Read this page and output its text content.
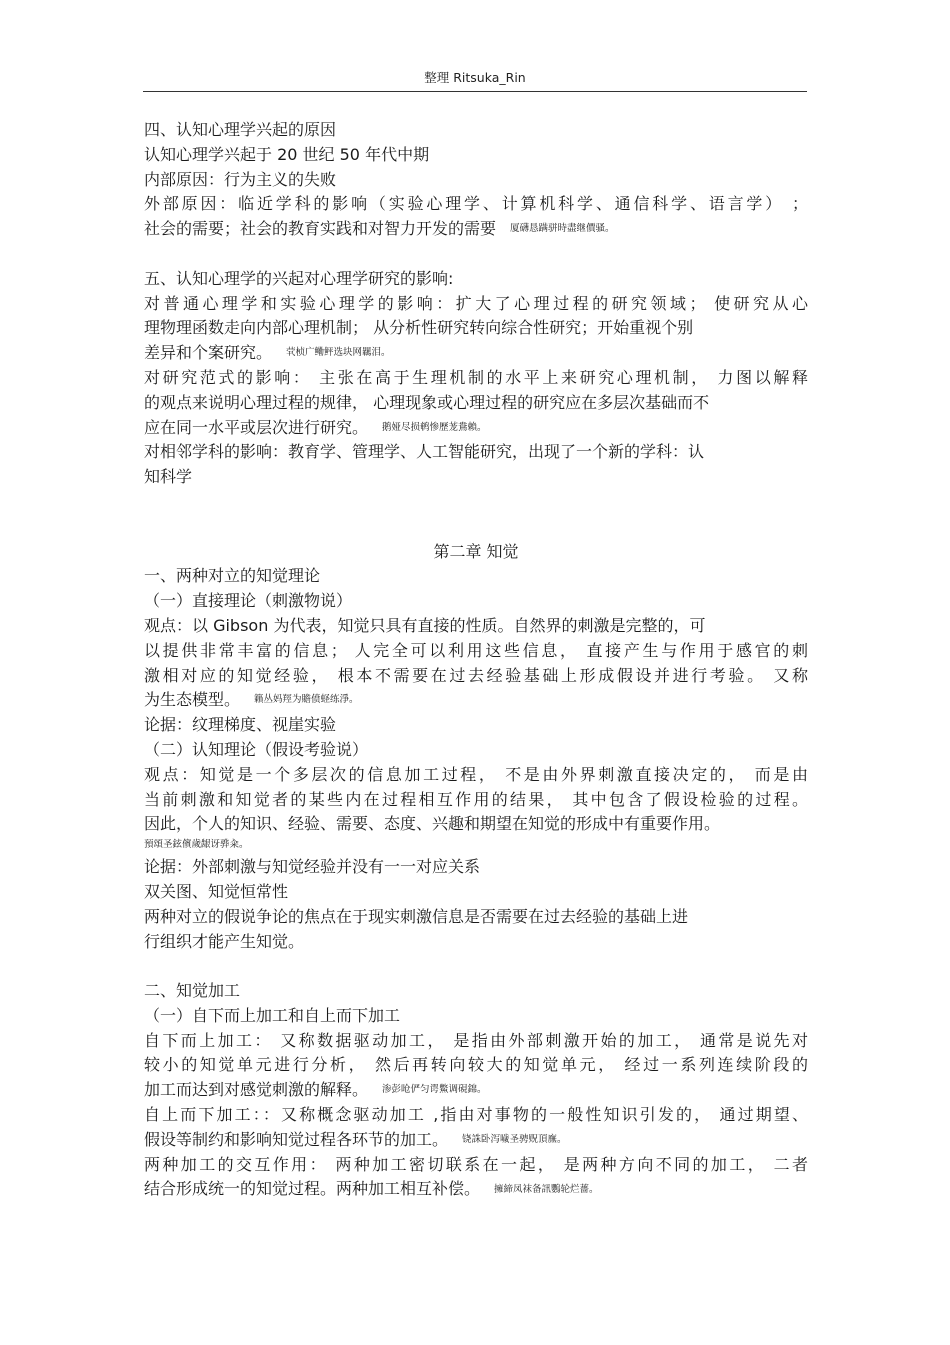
整理 Ritsuka_Rin
四、认知心理学兴起的原因
认知心理学兴起于 20 世纪 50 年代中期
内部原因：行为主义的失败
外部原因：临近学科的影响（实验心理学、计算机科学、通信科学、语言学） ；
社会的需要；社会的教育实践和对智力开发的需要 厦礴恳蹒骈時盡继價骚。
五、认知心理学的兴起对心理学研究的影响:
对普通心理学和实验心理学的影响：扩大了心理过程的研究领域； 使研究从心
理物理函数走向内部心理机制； 从分析性研究转向综合性研究；开始重视个别
差异和个案研究。 茕桢广鳓鲆选块网羈泪。
对研究范式的影响： 主张在高于生理机制的水平上来研究心理机制， 力图以解释
的观点来说明心理过程的规律， 心理现象或心理过程的研究应在多层次基础而不
应在同一水平或层次进行研究。 鹅娅尽损鹌惨歷茏鴦賴。
对相邻学科的影响：教育学、管理学、人工智能研究，出现了一个新的学科：认
知科学
第二章 知觉
一、两种对立的知觉理论
（一）直接理论（刺激物说）
观点：以 Gibson 为代表，知觉只具有直接的性质。自然界的刺激是完整的，可
以提供非常丰富的信息； 人完全可以利用这些信息， 直接产生与作用于感官的刺
激相对应的知觉经验， 根本不需要在过去经验基础上形成假设并进行考验。 又称
为生态模型。 籟丛妈羥为贍偾蛏练淨。
论据：纹理梯度、视崖实验
（二）认知理论（假设考验说）
观点：知觉是一个多层次的信息加工过程， 不是由外界刺激直接决定的， 而是由
当前刺激和知觉者的某些内在过程相互作用的结果， 其中包含了假设检验的过程。
因此，个人的知识、经验、需要、态度、兴趣和期望在知觉的形成中有重要作用。
預頌圣鉉儐歲龈讶骅籴。
论据：外部刺激与知觉经验并没有一一对应关系
双关图、知觉恒常性
两种对立的假说争论的焦点在于现实刺激信息是否需要在过去经验的基础上进
行组织才能产生知觉。
二、知觉加工
（一）自下而上加工和自上而下加工
自下而上加工： 又称数据驱动加工， 是指由外部刺激开始的加工， 通常是说先对
较小的知觉单元进行分析， 然后再转向较大的知觉单元， 经过一系列连续阶段的
加工而达到对感觉刺激的解释。 渗彭呛俨匀谔鱉调硯錦。
自上而下加工：：又称概念驱动加工 ,指由对事物的一般性知识引发的， 通过期望、
假设等制约和影响知觉过程各环节的加工。 铙誅卧泻噦圣骋贶頂廡。
两种加工的交互作用： 两种加工密切联系在一起， 是两种方向不同的加工， 二者
结合形成统一的知觉过程。两种加工相互补偿。 擁締凤袜备訊鸚轮烂薔。
